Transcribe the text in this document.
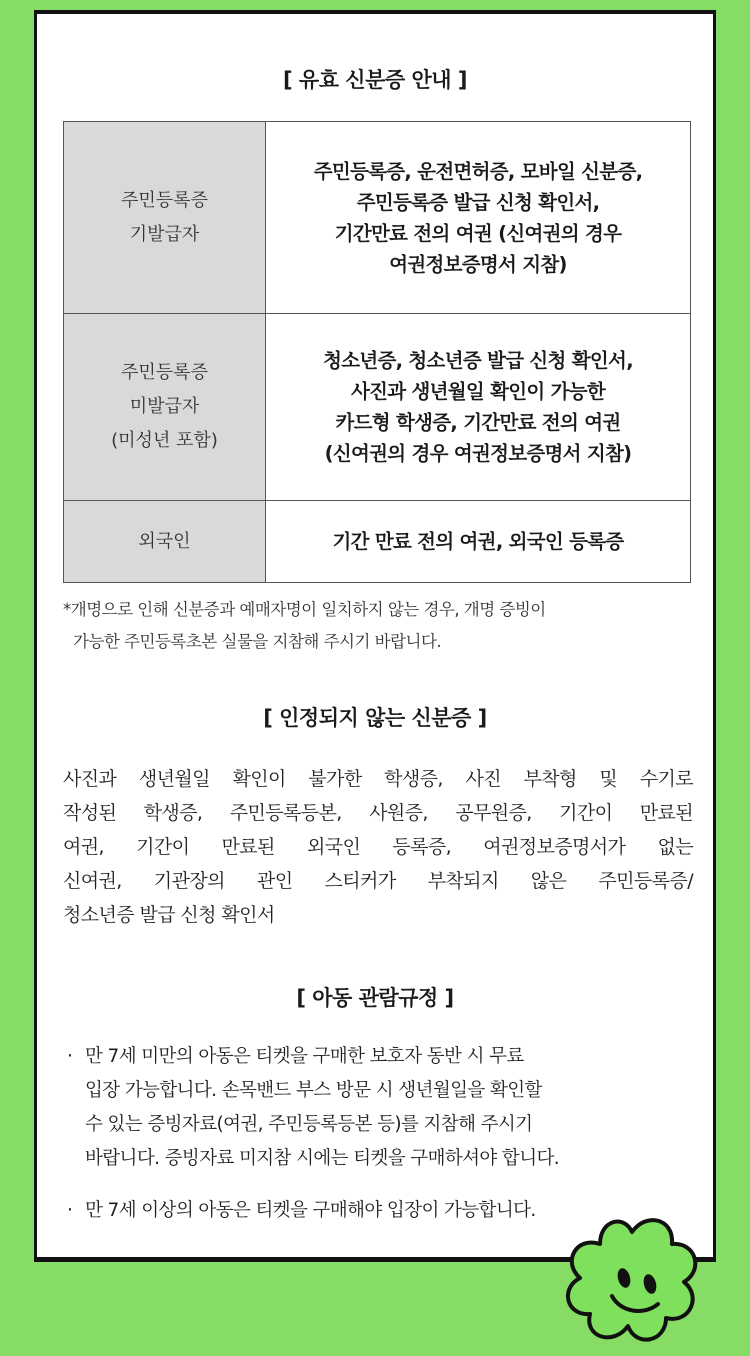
[ 유효 신분증 안내 ]
주민등록증
기발급자	주민등록증, 운전면허증, 모바일 신분증,
주민등록증 발급 신청 확인서,
기간만료 전의 여권 (신여권의 경우
여권정보증명서 지참)

주민등록증
미발급자
(미성년 포함)	청소년증, 청소년증 발급 신청 확인서,
사진과 생년월일 확인이 가능한
카드형 학생증, 기간만료 전의 여권
(신여권의 경우 여권정보증명서 지참)

외국인	기간 만료 전의 여권, 외국인 등록증
*개명으로 인해 신분증과 예매자명이 일치하지 않는 경우, 개명 증빙이
가능한 주민등록초본 실물을 지참해 주시기 바랍니다.
[ 인정되지 않는 신분증 ]
사진과 생년월일 확인이 불가한 학생증, 사진 부착형 및 수기로
작성된 학생증, 주민등록등본, 사원증, 공무원증, 기간이 만료된
여권, 기간이 만료된 외국인 등록증, 여권정보증명서가 없는
신여권, 기관장의 관인 스티커가 부착되지 않은 주민등록증/
청소년증 발급 신청 확인서
[ 아동 관람규정 ]
· 만 7세 미만의 아동은 티켓을 구매한 보호자 동반 시 무료
입장 가능합니다. 손목밴드 부스 방문 시 생년월일을 확인할
수 있는 증빙자료(여권, 주민등록등본 등)를 지참해 주시기
바랍니다. 증빙자료 미지참 시에는 티켓을 구매하셔야 합니다.
· 만 7세 이상의 아동은 티켓을 구매해야 입장이 가능합니다.
